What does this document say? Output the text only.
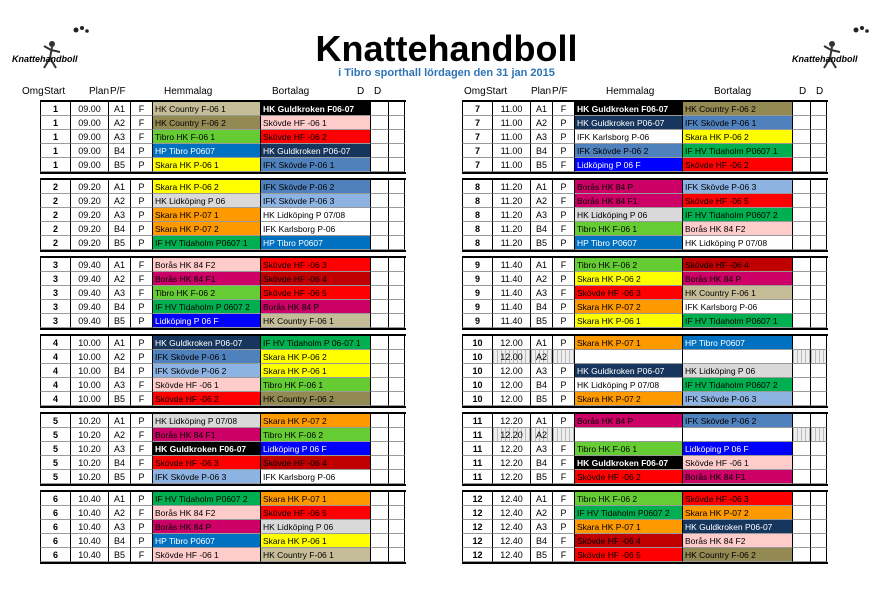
Knattehandboll	Knattehandboll
Knattehandboll
i Tibro sporthall lördagen den 31 jan 2015
Omg Start Plan P/F	Hemmalag	Bortalag	D D	Omg Start Plan P/F	Hemmalag	Bortalag	D D
1	09.00	A1	F	HK Country F-06 1	HK Guldkroken F06-07
1	09.00	A2	F	HK Country F-06 2	Skövde HF -06 1
1	09.00	A3	F	Tibro HK F-06 1	Skövde HF -06 2
1	09.00	B4	P	HP Tibro P0607	HK Guldkroken P06-07
1	09.00	B5	P	Skara HK P-06 1	IFK Skövde P-06 1
2	09.20	A1	P	Skara HK P-06 2	IFK Skövde P-06 2
2	09.20	A2	P	HK Lidköping P 06	IFK Skövde P-06 3
2	09.20	A3	P	Skara HK P-07 1	HK Lidköping P 07/08
2	09.20	B4	P	Skara HK P-07 2	IFK Karlsborg P-06
2	09.20	B5	P	IF HV Tidaholm P0607 1	HP Tibro P0607
3	09.40	A1	F	Borås HK 84 F2	Skövde HF -06 3
3	09.40	A2	F	Borås HK 84 F1	Skövde HF -06 4
3	09.40	A3	F	Tibro HK F-06 2	Skövde HF -06 5
3	09.40	B4	P	IF HV Tidaholm P 0607 2	Borås HK 84 P
3	09.40	B5	P	Lidköping P 06 F	HK Country F-06 1
4	10.00	A1	P	HK Guldkroken P06-07	IF HV Tidaholm P 06-07 1
4	10.00	A2	P	IFK Skövde P-06 1	Skara HK P-06 2
4	10.00	B4	P	IFK Skövde P-06 2	Skara HK P-06 1
4	10.00	A3	F	Skövde HF -06 1	Tibro HK F-06 1
4	10.00	B5	F	Skövde HF -06 2	HK Country F-06 2
5	10.20	A1	P	HK Lidköping P 07/08	Skara HK P-07 2
5	10.20	A2	F	Borås HK 84 F1	Tibro HK F-06 2
5	10.20	A3	F	HK Guldkroken F06-07	Lidköping P 06 F
5	10.20	B4	F	Skövde HF -06 3	Skövde HF -06 4
5	10.20	B5	P	IFK Skövde P-06 3	IFK Karlsborg P-06
6	10.40	A1	P	IF HV Tidaholm P0607 2	Skara HK P-07 1
6	10.40	A2	F	Borås HK 84 F2	Skövde HF -06 5
6	10.40	A3	P	Borås HK 84 P	HK Lidköping P 06
6	10.40	B4	P	HP Tibro P0607	Skara HK P-06 1
6	10.40	B5	F	Skövde HF -06 1	HK Country F-06 1
7	11.00	A1	F	HK Guldkroken F06-07	HK Country F-06 2
7	11.00	A2	P	HK Guldkroken P06-07	IFK Skövde P-06 1
7	11.00	A3	P	IFK Karlsborg P-06	Skara HK P-06 2
7	11.00	B4	P	IFK Skövde P-06 2	IF HV Tidaholm P0607 1
7	11.00	B5	F	Lidköping P 06 F	Skövde HF -06 2
8	11.20	A1	P	Borås HK 84 P	IFK Skövde P-06 3
8	11.20	A2	F	Borås HK 84 F1	Skövde HF -06 5
8	11.20	A3	P	HK Lidköping P 06	IF HV Tidaholm P0607 2
8	11.20	B4	F	Tibro HK F-06 1	Borås HK 84 F2
8	11.20	B5	P	HP Tibro P0607	HK Lidköping P 07/08
9	11.40	A1	F	Tibro HK F-06 2	Skövde HF -06 4
9	11.40	A2	P	Skara HK P-06 2	Borås HK 84 P
9	11.40	A3	F	Skövde HF -06 3	HK Country F-06 1
9	11.40	B4	P	Skara HK P-07 2	IFK Karlsborg P-06
9	11.40	B5	P	Skara HK P-06 1	IF HV Tidaholm P0607 1
10	12.00	A1	P	Skara HK P-07 1	HP Tibro P0607
10	12.00	A2
10	12.00	A3	P	HK Guldkroken P06-07	HK Lidköping P 06
10	12.00	B4	P	HK Lidköping P 07/08	IF HV Tidaholm P0607 2
10	12.00	B5	P	Skara HK P-07 2	IFK Skövde P-06 3
11	12.20	A1	P	Borås HK 84 P	IFK Skövde P-06 2
11	12.20	A2
11	12.20	A3	F	Tibro HK F-06 1	Lidköping P 06 F
11	12.20	B4	F	HK Guldkroken F06-07	Skövde HF -06 1
11	12.20	B5	F	Skövde HF -06 2	Borås HK 84 F1
12	12.40	A1	F	Tibro HK F-06 2	Skövde HF -06 3
12	12.40	A2	P	IF HV Tidaholm P0607 2	Skara HK P-07 2
12	12.40	A3	P	Skara HK P-07 1	HK Guldkroken P06-07
12	12.40	B4	F	Skövde HF -06 4	Borås HK 84 F2
12	12.40	B5	F	Skövde HF -06 5	HK Country F-06 2
